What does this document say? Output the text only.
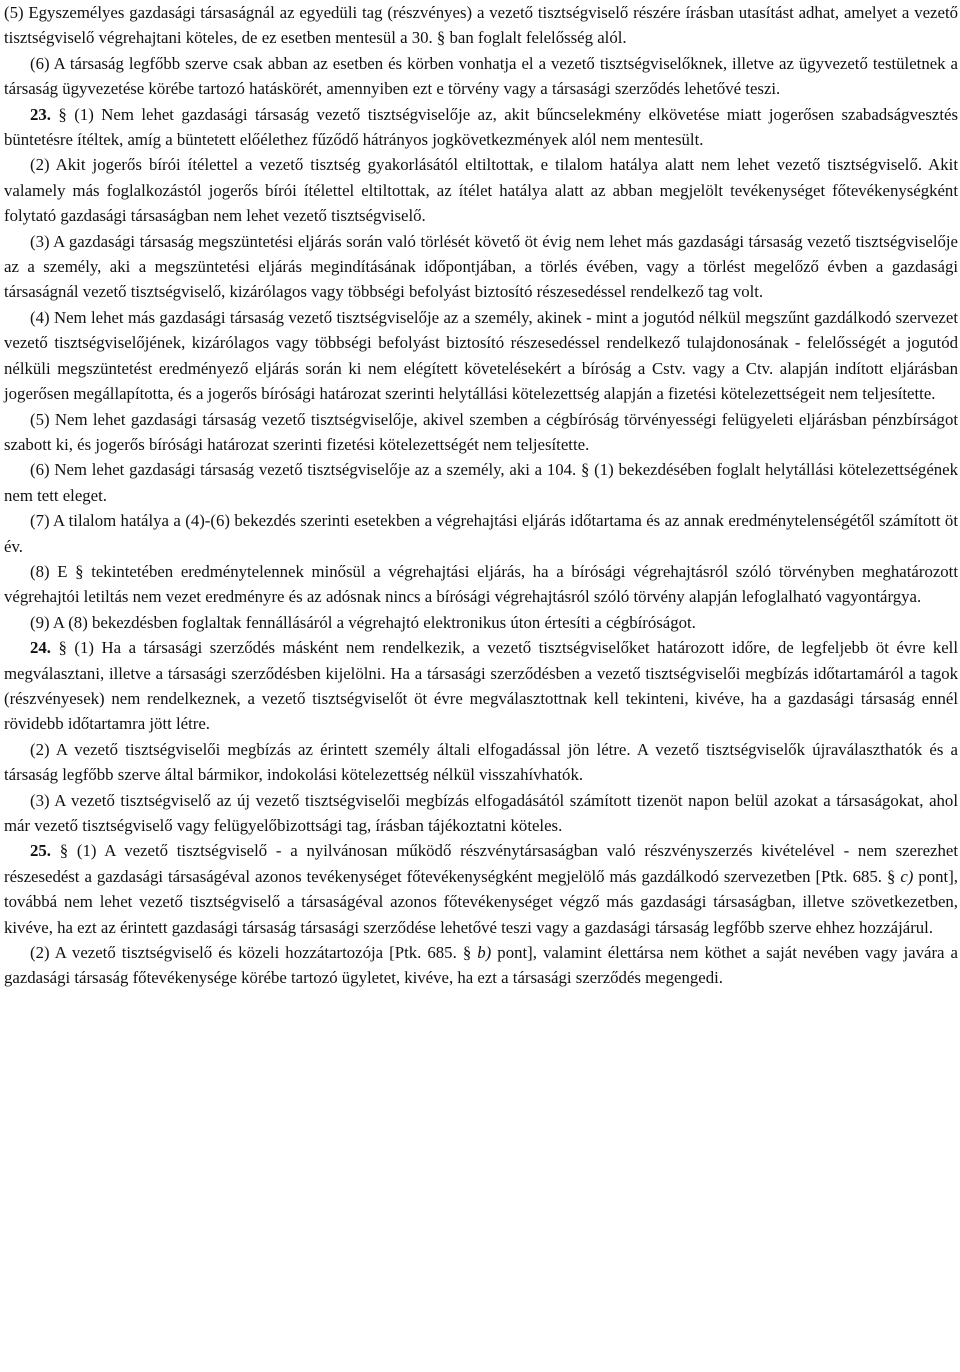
(5) Egyszemélyes gazdasági társaságnál az egyedüli tag (részvényes) a vezető tisztségviselő részére írásban utasítást adhat, amelyet a vezető tisztségviselő végrehajtani köteles, de ez esetben mentesül a 30. § ban foglalt felelősség alól.

(6) A társaság legfőbb szerve csak abban az esetben és körben vonhatja el a vezető tisztségviselőknek, illetve az ügyvezető testületnek a társaság ügyvezetése körébe tartozó hatáskörét, amennyiben ezt e törvény vagy a társasági szerződés lehetővé teszi.

23. § (1) Nem lehet gazdasági társaság vezető tisztségviselője az, akit bűncselekmény elkövetése miatt jogerősen szabadságvesztés büntetésre ítéltek, amíg a büntetett előélethez fűződő hátrányos jogkövetkezmények alól nem mentesült.

(2) Akit jogerős bírói ítélettel a vezető tisztség gyakorlásától eltiltottak, e tilalom hatálya alatt nem lehet vezető tisztségviselő. Akit valamely más foglalkozástól jogerős bírói ítélettel eltiltottak, az ítélet hatálya alatt az abban megjelölt tevékenységet főtevékenységként folytató gazdasági társaságban nem lehet vezető tisztségviselő.

(3) A gazdasági társaság megszüntetési eljárás során való törlését követő öt évig nem lehet más gazdasági társaság vezető tisztségviselője az a személy, aki a megszüntetési eljárás megindításának időpontjában, a törlés évében, vagy a törlést megelőző évben a gazdasági társaságnál vezető tisztségviselő, kizárólagos vagy többségi befolyást biztosító részesedéssel rendelkező tag volt.

(4) Nem lehet más gazdasági társaság vezető tisztségviselője az a személy, akinek - mint a jogutód nélkül megszűnt gazdálkodó szervezet vezető tisztségviselőjének, kizárólagos vagy többségi befolyást biztosító részesedéssel rendelkező tulajdonosának - felelősségét a jogutód nélküli megszüntetést eredményező eljárás során ki nem elégített követelésekért a bíróság a Cstv. vagy a Ctv. alapján indított eljárásban jogerősen megállapította, és a jogerős bírósági határozat szerinti helytállási kötelezettség alapján a fizetési kötelezettségeit nem teljesítette.

(5) Nem lehet gazdasági társaság vezető tisztségviselője, akivel szemben a cégbíróság törvényességi felügyeleti eljárásban pénzbírságot szabott ki, és jogerős bírósági határozat szerinti fizetési kötelezettségét nem teljesítette.

(6) Nem lehet gazdasági társaság vezető tisztségviselője az a személy, aki a 104. § (1) bekezdésében foglalt helytállási kötelezettségének nem tett eleget.

(7) A tilalom hatálya a (4)-(6) bekezdés szerinti esetekben a végrehajtási eljárás időtartama és az annak eredménytelenségétől számított öt év.

(8) E § tekintetében eredménytelennek minősül a végrehajtási eljárás, ha a bírósági végrehajtásról szóló törvényben meghatározott végrehajtói letiltás nem vezet eredményre és az adósnak nincs a bírósági végrehajtásról szóló törvény alapján lefoglalható vagyontárgya.

(9) A (8) bekezdésben foglaltak fennállásáról a végrehajtó elektronikus úton értesíti a cégbíróságot.

24. § (1) Ha a társasági szerződés másként nem rendelkezik, a vezető tisztségviselőket határozott időre, de legfeljebb öt évre kell megválasztani, illetve a társasági szerződésben kijelölni. Ha a társasági szerződésben a vezető tisztségviselői megbízás időtartamáról a tagok (részvényesek) nem rendelkeznek, a vezető tisztségviselőt öt évre megválasztottnak kell tekinteni, kivéve, ha a gazdasági társaság ennél rövidebb időtartamra jött létre.

(2) A vezető tisztségviselői megbízás az érintett személy általi elfogadással jön létre. A vezető tisztségviselők újraválaszthatók és a társaság legfőbb szerve által bármikor, indokolási kötelezettség nélkül visszahívhatók.

(3) A vezető tisztségviselő az új vezető tisztségviselői megbízás elfogadásától számított tizenöt napon belül azokat a társaságokat, ahol már vezető tisztségviselő vagy felügyelőbizottsági tag, írásban tájékoztatni köteles.

25. § (1) A vezető tisztségviselő - a nyilvánosan működő részvénytársaságban való részvényszerzés kivételével - nem szerezhet részesedést a gazdasági társaságéval azonos tevékenységet főtevékenységként megjelölő más gazdálkodó szervezetben [Ptk. 685. § c) pont], továbbá nem lehet vezető tisztségviselő a társaságéval azonos főtevékenységet végző más gazdasági társaságban, illetve szövetkezetben, kivéve, ha ezt az érintett gazdasági társaság társasági szerződése lehetővé teszi vagy a gazdasági társaság legfőbb szerve ehhez hozzájárul.

(2) A vezető tisztségviselő és közeli hozzátartozója [Ptk. 685. § b) pont], valamint élettársa nem köthet a saját nevében vagy javára a gazdasági társaság főtevékenysége körébe tartozó ügyletet, kivéve, ha ezt a társasági szerződés megengedi.
